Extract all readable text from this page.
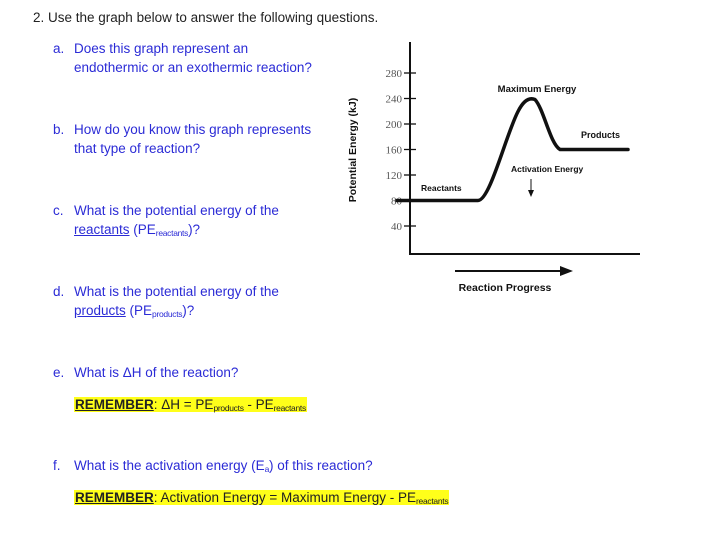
2. Use the graph below to answer the following questions.
a. Does this graph represent an
endothermic or an exothermic reaction?
b. How do you know this graph represents
that type of reaction?
c. What is the potential energy of the
reactants $(PE_{reactants})$?
d. What is the potential energy of the
products $(PE_{products})$?
e. What is ΔH of the reaction?
REMEMBER: $\Delta H = PE_{products} - PE_{reactants}$
f. What is the activation energy $(E_a)$ of this reaction?
REMEMBER: Activation Energy = Maximum Energy - $PE_{reactants}$
280
240
200
160
120
80
40
Potential Energy (kJ)
Maximum Energy
Products
Activation Energy
Reactants
Reaction Progress
